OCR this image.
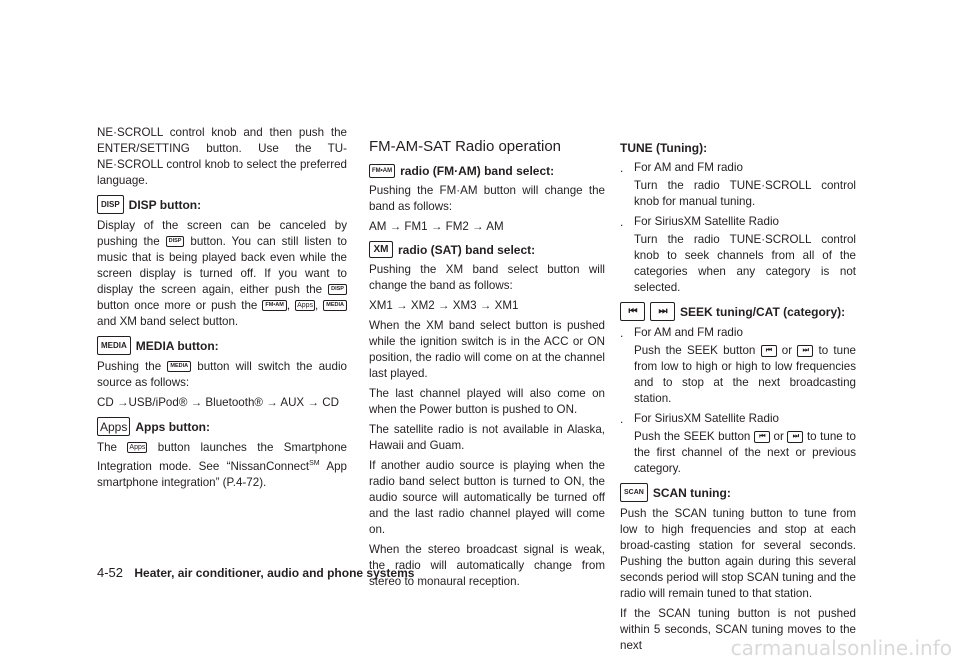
NE·SCROLL control knob and then push the ENTER/SETTING button. Use the TU-NE·SCROLL control knob to select the preferred language.

DISP DISP button:

Display of the screen can be canceled by pushing the DISP button. You can still listen to music that is being played back even while the screen display is turned off. If you want to display the screen again, either push the DISP button once more or push the FM•AM , Apps , MEDIA and XM band select button.

MEDIA MEDIA button:

Pushing the MEDIA button will switch the audio source as follows:

CD →USB/iPod® → Bluetooth® → AUX → CD

Apps Apps button:

The Apps button launches the Smartphone Integration mode. See “NissanConnect℠ App smartphone integration” (P.4-72).

FM-AM-SAT Radio operation
FM•AM radio (FM·AM) band select:

Pushing the FM·AM button will change the band as follows:

AM → FM1 → FM2 → AM

XM radio (SAT) band select:

Pushing the XM band select button will change the band as follows:

XM1 → XM2 → XM3 → XM1

When the XM band select button is pushed while the ignition switch is in the ACC or ON position, the radio will come on at the channel last played.

The last channel played will also come on when the Power button is pushed to ON.

The satellite radio is not available in Alaska, Hawaii and Guam.

If another audio source is playing when the radio band select button is turned to ON, the audio source will automatically be turned off and the last radio channel played will come on.

When the stereo broadcast signal is weak, the radio will automatically change from stereo to monaural reception.

TUNE (Tuning):
. For AM and FM radio
Turn the radio TUNE·SCROLL control knob for manual tuning.
. For SiriusXM Satellite Radio
Turn the radio TUNE·SCROLL control knob to seek channels from all of the categories when any category is not selected.
⏮	⏭	SEEK tuning/CAT (category):
. For AM and FM radio
Push the SEEK button ⏮ or ⏭ to tune from low to high or high to low frequencies and to stop at the next broadcasting station.
. For SiriusXM Satellite Radio
Push the SEEK button ⏮ or ⏭ to tune to the first channel of the next or previous category.
SCAN SCAN tuning:

Push the SCAN tuning button to tune from low to high frequencies and stop at each broad-casting station for several seconds. Pushing the button again during this several seconds period will stop SCAN tuning and the radio will remain tuned to that station.

If the SCAN tuning button is not pushed within 5 seconds, SCAN tuning moves to the next

4-52 Heater, air conditioner, audio and phone systems
carmanualsonline.info
